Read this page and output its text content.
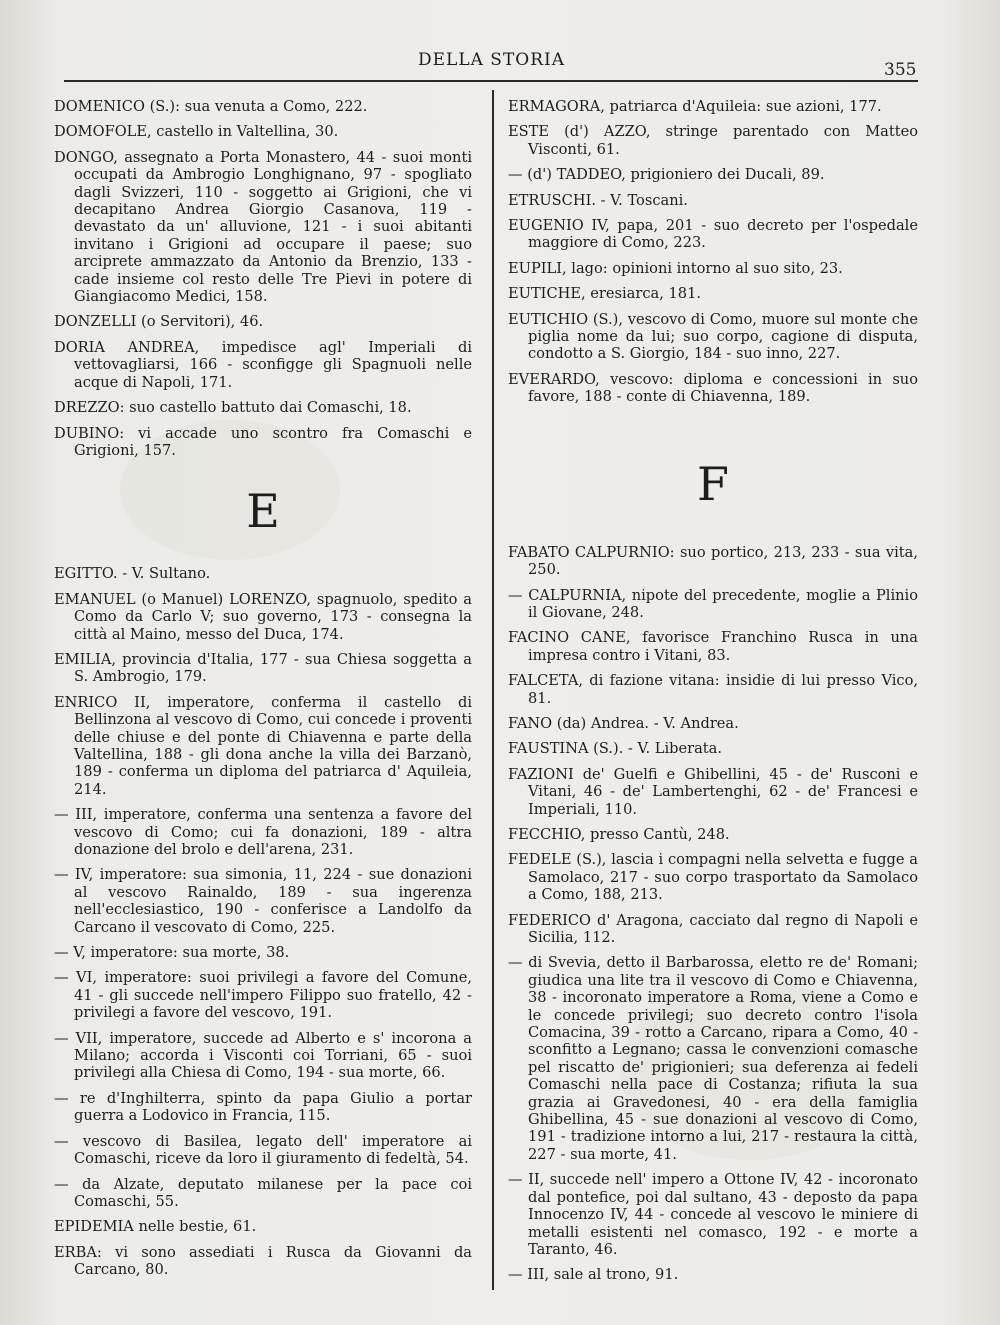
DELLA STORIA	355

DOMENICO (S.): sua venuta a Como, 222.

DOMOFOLE, castello in Valtellina, 30.

DONGO, assegnato a Porta Monastero, 44 - suoi monti occupati da Ambrogio Longhignano, 97 - spogliato dagli Svizzeri, 110 - soggetto ai Grigioni, che vi decapitano Andrea Giorgio Casanova, 119 - devastato da un' alluvione, 121 - i suoi abitanti invitano i Grigioni ad occupare il paese; suo arciprete ammazzato da Antonio da Brenzio, 133 - cade insieme col resto delle Tre Pievi in potere di Giangiacomo Medici, 158.

DONZELLI (o Servitori), 46.

DORIA ANDREA, impedisce agl' Imperiali di vettovagliarsi, 166 - sconfigge gli Spagnuoli nelle acque di Napoli, 171.

DREZZO: suo castello battuto dai Comaschi, 18.

DUBINO: vi accade uno scontro fra Comaschi e Grigioni, 157.

E

EGITTO. - V. Sultano.

EMANUEL (o Manuel) LORENZO, spagnuolo, spedito a Como da Carlo V; suo governo, 173 - consegna la città al Maino, messo del Duca, 174.

EMILIA, provincia d'Italia, 177 - sua Chiesa soggetta a S. Ambrogio, 179.

ENRICO II, imperatore, conferma il castello di Bellinzona al vescovo di Como, cui concede i proventi delle chiuse e del ponte di Chiavenna e parte della Valtellina, 188 - gli dona anche la villa dei Barzanò, 189 - conferma un diploma del patriarca d' Aquileia, 214.

— III, imperatore, conferma una sentenza a favore del vescovo di Como; cui fa donazioni, 189 - altra donazione del brolo e dell'arena, 231.

— IV, imperatore: sua simonia, 11, 224 - sue donazioni al vescovo Rainaldo, 189 - sua ingerenza nell'ecclesiastico, 190 - conferisce a Landolfo da Carcano il vescovato di Como, 225.

— V, imperatore: sua morte, 38.

— VI, imperatore: suoi privilegi a favore del Comune, 41 - gli succede nell'impero Filippo suo fratello, 42 - privilegi a favore del vescovo, 191.

— VII, imperatore, succede ad Alberto e s' incorona a Milano; accorda i Visconti coi Torriani, 65 - suoi privilegi alla Chiesa di Como, 194 - sua morte, 66.

— re d'Inghilterra, spinto da papa Giulio a portar guerra a Lodovico in Francia, 115.

— vescovo di Basilea, legato dell' imperatore ai Comaschi, riceve da loro il giuramento di fedeltà, 54.

— da Alzate, deputato milanese per la pace coi Comaschi, 55.

EPIDEMIA nelle bestie, 61.

ERBA: vi sono assediati i Rusca da Giovanni da Carcano, 80.

ERMAGORA, patriarca d'Aquileia: sue azioni, 177.

ESTE (d') AZZO, stringe parentado con Matteo Visconti, 61.

— (d') TADDEO, prigioniero dei Ducali, 89.

ETRUSCHI. - V. Toscani.

EUGENIO IV, papa, 201 - suo decreto per l'ospedale maggiore di Como, 223.

EUPILI, lago: opinioni intorno al suo sito, 23.

EUTICHE, eresiarca, 181.

EUTICHIO (S.), vescovo di Como, muore sul monte che piglia nome da lui; suo corpo, cagione di disputa, condotto a S. Giorgio, 184 - suo inno, 227.

EVERARDO, vescovo: diploma e concessioni in suo favore, 188 - conte di Chiavenna, 189.

F

FABATO CALPURNIO: suo portico, 213, 233 - sua vita, 250.

— CALPURNIA, nipote del precedente, moglie a Plinio il Giovane, 248.

FACINO CANE, favorisce Franchino Rusca in una impresa contro i Vitani, 83.

FALCETA, di fazione vitana: insidie di lui presso Vico, 81.

FANO (da) Andrea. - V. Andrea.

FAUSTINA (S.). - V. Liberata.

FAZIONI de' Guelfi e Ghibellini, 45 - de' Rusconi e Vitani, 46 - de' Lambertenghi, 62 - de' Francesi e Imperiali, 110.

FECCHIO, presso Cantù, 248.

FEDELE (S.), lascia i compagni nella selvetta e fugge a Samolaco, 217 - suo corpo trasportato da Samolaco a Como, 188, 213.

FEDERICO d' Aragona, cacciato dal regno di Napoli e Sicilia, 112.

— di Svevia, detto il Barbarossa, eletto re de' Romani; giudica una lite tra il vescovo di Como e Chiavenna, 38 - incoronato imperatore a Roma, viene a Como e le concede privilegi; suo decreto contro l'isola Comacina, 39 - rotto a Carcano, ripara a Como, 40 - sconfitto a Legnano; cassa le convenzioni comasche pel riscatto de' prigionieri; sua deferenza ai fedeli Comaschi nella pace di Costanza; rifiuta la sua grazia ai Gravedonesi, 40 - era della famiglia Ghibellina, 45 - sue donazioni al vescovo di Como, 191 - tradizione intorno a lui, 217 - restaura la città, 227 - sua morte, 41.

— II, succede nell' impero a Ottone IV, 42 - incoronato dal pontefice, poi dal sultano, 43 - deposto da papa Innocenzo IV, 44 - concede al vescovo le miniere di metalli esistenti nel comasco, 192 - e morte a Taranto, 46.

— III, sale al trono, 91.
